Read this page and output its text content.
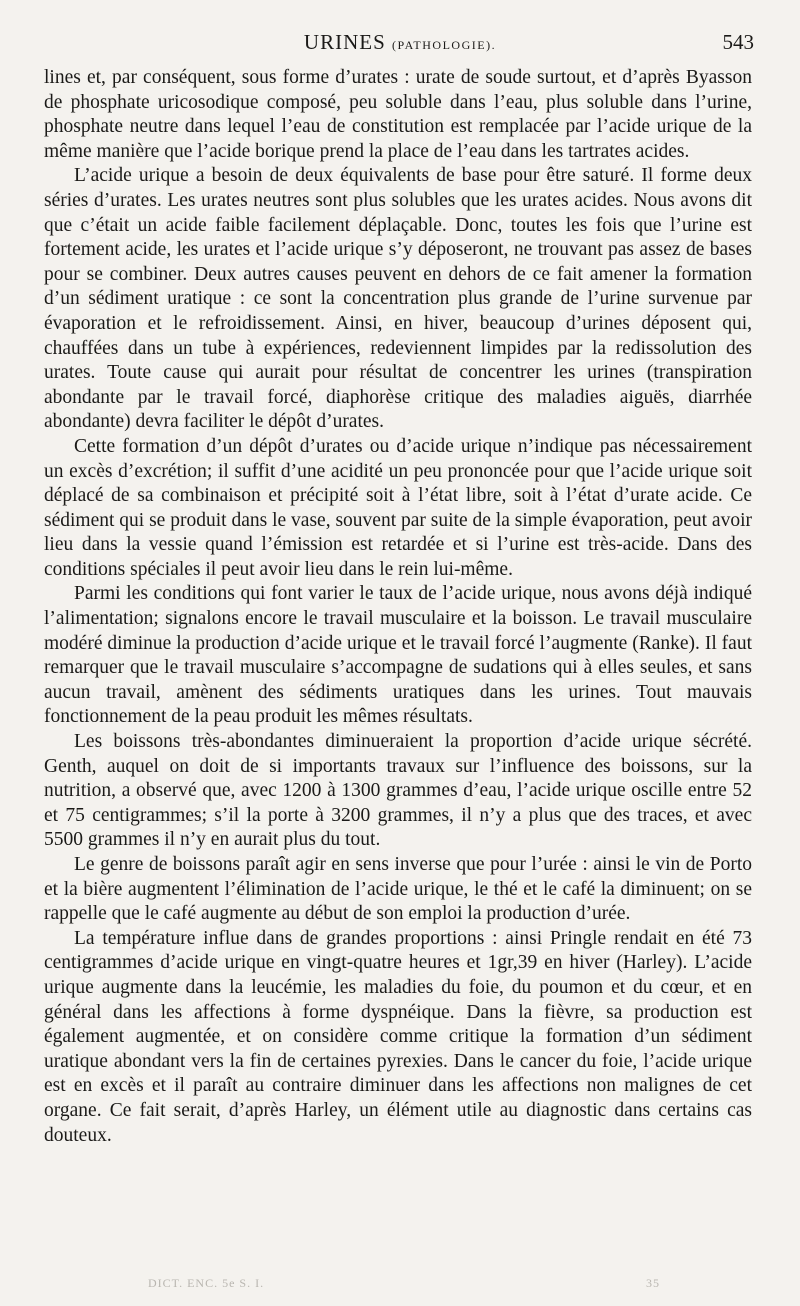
URINES (PATHOLOGIE).	543

lines et, par conséquent, sous forme d’urates : urate de soude surtout, et d’après Byasson de phosphate uricosodique composé, peu soluble dans l’eau, plus soluble dans l’urine, phosphate neutre dans lequel l’eau de constitution est remplacée par l’acide urique de la même manière que l’acide borique prend la place de l’eau dans les tartrates acides.

L’acide urique a besoin de deux équivalents de base pour être saturé. Il forme deux séries d’urates. Les urates neutres sont plus solubles que les urates acides. Nous avons dit que c’était un acide faible facilement déplaçable. Donc, toutes les fois que l’urine est fortement acide, les urates et l’acide urique s’y déposeront, ne trouvant pas assez de bases pour se combiner. Deux autres causes peuvent en dehors de ce fait amener la formation d’un sédiment uratique : ce sont la concentration plus grande de l’urine survenue par évaporation et le refroidissement. Ainsi, en hiver, beaucoup d’urines déposent qui, chauffées dans un tube à expériences, redeviennent limpides par la redissolution des urates. Toute cause qui aurait pour résultat de concentrer les urines (transpiration abondante par le travail forcé, diaphorèse critique des maladies aiguës, diarrhée abondante) devra faciliter le dépôt d’urates.

Cette formation d’un dépôt d’urates ou d’acide urique n’indique pas nécessairement un excès d’excrétion; il suffit d’une acidité un peu prononcée pour que l’acide urique soit déplacé de sa combinaison et précipité soit à l’état libre, soit à l’état d’urate acide. Ce sédiment qui se produit dans le vase, souvent par suite de la simple évaporation, peut avoir lieu dans la vessie quand l’émission est retardée et si l’urine est très-acide. Dans des conditions spéciales il peut avoir lieu dans le rein lui-même.

Parmi les conditions qui font varier le taux de l’acide urique, nous avons déjà indiqué l’alimentation; signalons encore le travail musculaire et la boisson. Le travail musculaire modéré diminue la production d’acide urique et le travail forcé l’augmente (Ranke). Il faut remarquer que le travail musculaire s’accompagne de sudations qui à elles seules, et sans aucun travail, amènent des sédiments uratiques dans les urines. Tout mauvais fonctionnement de la peau produit les mêmes résultats.

Les boissons très-abondantes diminueraient la proportion d’acide urique sécrété. Genth, auquel on doit de si importants travaux sur l’influence des boissons, sur la nutrition, a observé que, avec 1200 à 1300 grammes d’eau, l’acide urique oscille entre 52 et 75 centigrammes; s’il la porte à 3200 grammes, il n’y a plus que des traces, et avec 5500 grammes il n’y en aurait plus du tout.

Le genre de boissons paraît agir en sens inverse que pour l’urée : ainsi le vin de Porto et la bière augmentent l’élimination de l’acide urique, le thé et le café la diminuent; on se rappelle que le café augmente au début de son emploi la production d’urée.

La température influe dans de grandes proportions : ainsi Pringle rendait en été 73 centigrammes d’acide urique en vingt-quatre heures et 1gr,39 en hiver (Harley). L’acide urique augmente dans la leucémie, les maladies du foie, du poumon et du cœur, et en général dans les affections à forme dyspnéique. Dans la fièvre, sa production est également augmentée, et on considère comme critique la formation d’un sédiment uratique abondant vers la fin de certaines pyrexies. Dans le cancer du foie, l’acide urique est en excès et il paraît au contraire diminuer dans les affections non malignes de cet organe. Ce fait serait, d’après Harley, un élément utile au diagnostic dans certains cas douteux.

DICT. ENC. 5e S. I.	35
